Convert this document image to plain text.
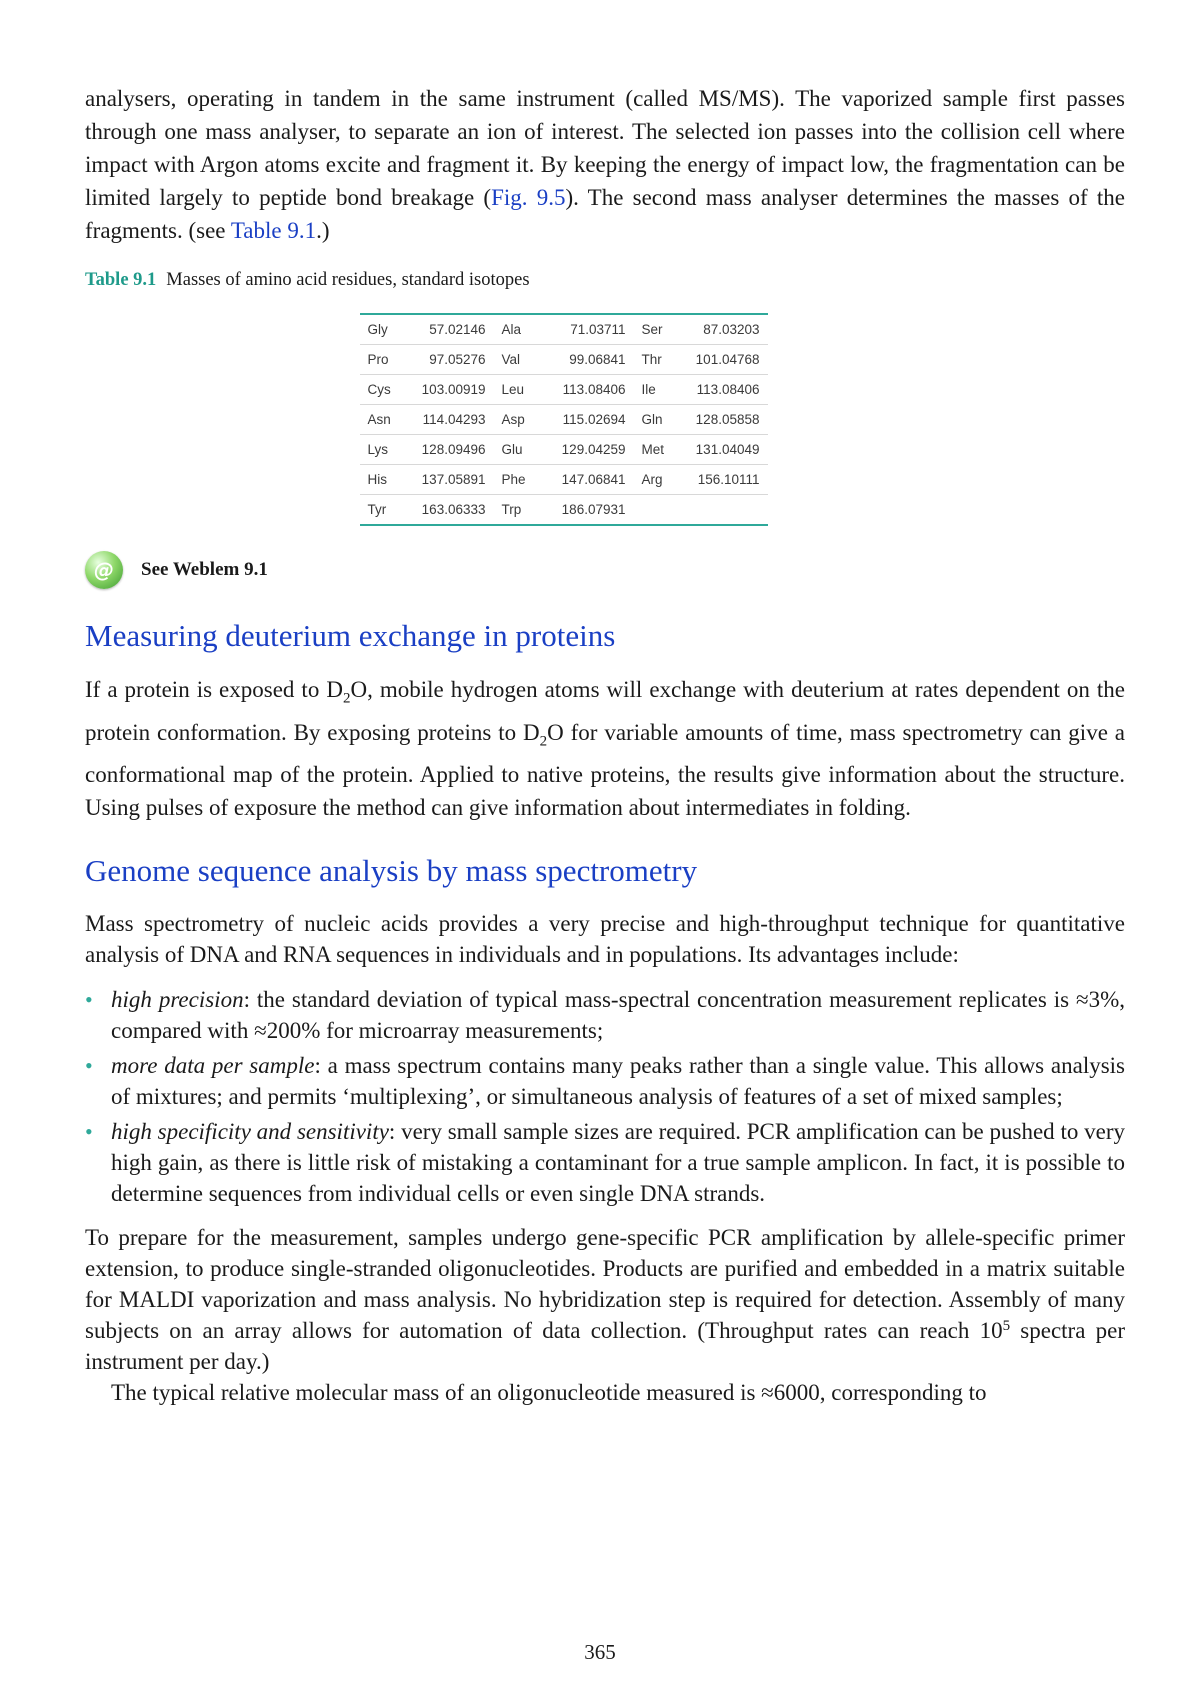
analysers, operating in tandem in the same instrument (called MS/MS). The vaporized sample first passes through one mass analyser, to separate an ion of interest. The selected ion passes into the collision cell where impact with Argon atoms excite and fragment it. By keeping the energy of impact low, the fragmentation can be limited largely to peptide bond breakage (Fig. 9.5). The second mass analyser determines the masses of the fragments. (see Table 9.1.)

Table 9.1 Masses of amino acid residues, standard isotopes

Gly	57.02146	Ala	71.03711	Ser	87.03203
Pro	97.05276	Val	99.06841	Thr	101.04768
Cys	103.00919	Leu	113.08406	Ile	113.08406
Asn	114.04293	Asp	115.02694	Gln	128.05858
Lys	128.09496	Glu	129.04259	Met	131.04049
His	137.05891	Phe	147.06841	Arg	156.10111
Tyr	163.06333	Trp	186.07931		
@	See Weblem 9.1
Measuring deuterium exchange in proteins

If a protein is exposed to $D_2O$, mobile hydrogen atoms will exchange with deuterium at rates dependent on the protein conformation. By exposing proteins to $D_2O$ for variable amounts of time, mass spectrometry can give a conformational map of the protein. Applied to native proteins, the results give information about the structure. Using pulses of exposure the method can give information about intermediates in folding.

Genome sequence analysis by mass spectrometry

Mass spectrometry of nucleic acids provides a very precise and high-throughput technique for quantitative analysis of DNA and RNA sequences in individuals and in populations. Its advantages include:

• high precision: the standard deviation of typical mass-spectral concentration measurement replicates is ≈3%, compared with ≈200% for microarray measurements;
• more data per sample: a mass spectrum contains many peaks rather than a single value. This allows analysis of mixtures; and permits ‘multiplexing’, or simultaneous analysis of features of a set of mixed samples;
• high specificity and sensitivity: very small sample sizes are required. PCR amplification can be pushed to very high gain, as there is little risk of mistaking a contaminant for a true sample amplicon. In fact, it is possible to determine sequences from individual cells or even single DNA strands.

To prepare for the measurement, samples undergo gene-specific PCR amplification by allele-specific primer extension, to produce single-stranded oligonucleotides. Products are purified and embedded in a matrix suitable for MALDI vaporization and mass analysis. No hybridization step is required for detection. Assembly of many subjects on an array allows for automation of data collection. (Throughput rates can reach $10^5$ spectra per instrument per day.)

The typical relative molecular mass of an oligonucleotide measured is ≈6000, corresponding to

365
